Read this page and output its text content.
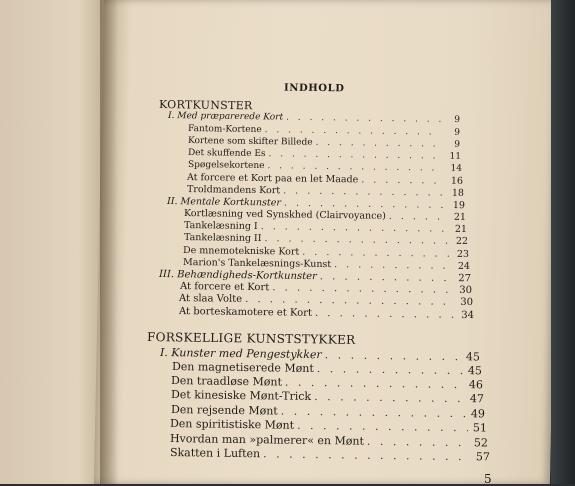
INDHOLD
KORTKUNSTER
I. Med præparerede Kort . . .	9
Fantom-Kortene . . .	9
Kortene som skifter Billede . . .	9
Det skuffende Es . . .	11
Spøgelsekortene . . .	14
At forcere et Kort paa en let Maade . . .	16
Troldmandens Kort . . .	18
II. Mentale Kortkunster . . .	19
Kortlæsning ved Synskhed (Clairvoyance) . . .	21
Tankelæsning I . . .	21
Tankelæsning II . . .	22
De mnemotekniske Kort . . .	23
Marion's Tankelæsnings-Kunst . . .	24
III. Behændigheds-Kortkunster . . .	27
At forcere et Kort . . .	30
At slaa Volte . . .	30
At borteskamotere et Kort . . .	34
FORSKELLIGE KUNSTSTYKKER
I. Kunster med Pengestykker . . .	45
Den magnetiserede Mønt . . .	45
Den traadløse Mønt . . .	46
Det kinesiske Mønt-Trick . . .	47
Den rejsende Mønt . . .	49
Den spiritistiske Mønt . . .	51
Hvordan man »palmerer« en Mønt . . .	52
Skatten i Luften . . .	57
5
